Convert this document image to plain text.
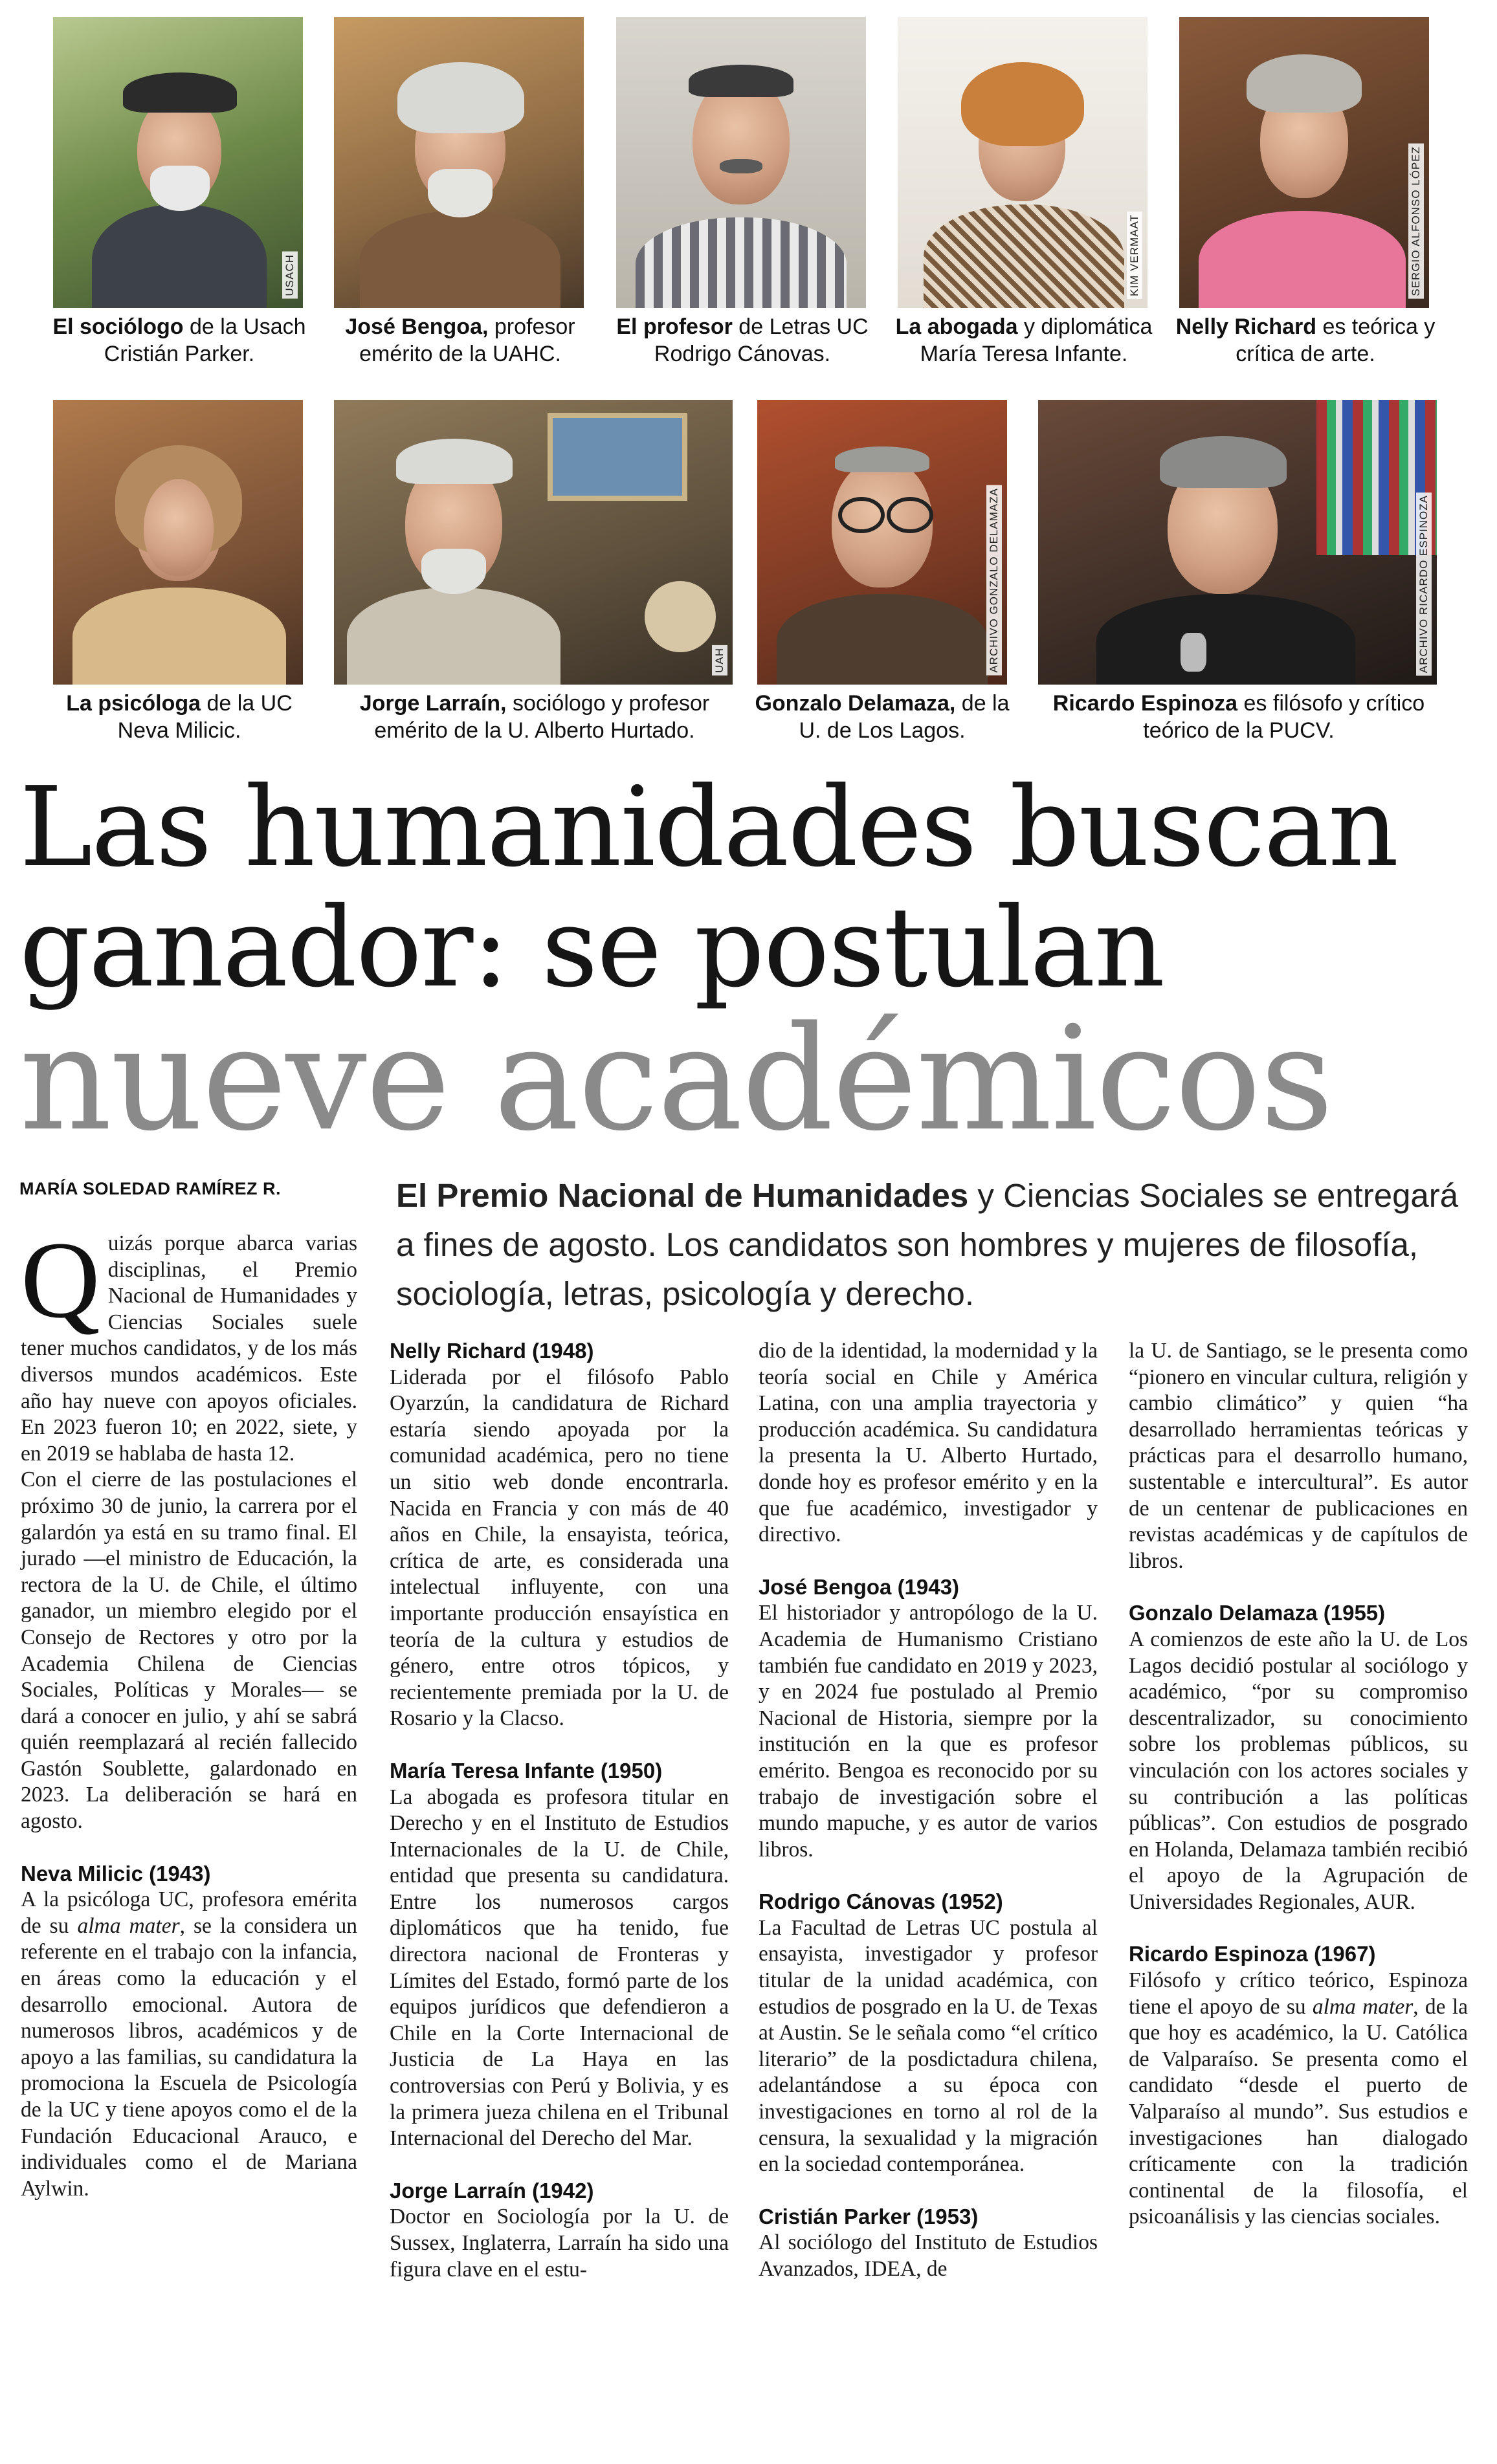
USACH	KIM VERMAAT	SERGIO ALFONSO LÓPEZ
El sociólogo de la Usach Cristián Parker.
José Bengoa, profesor emérito de la UAHC.
El profesor de Letras UC Rodrigo Cánovas.
La abogada y diplomática María Teresa Infante.
Nelly Richard es teórica y crítica de arte.
UAH	ARCHIVO GONZALO DELAMAZA	ARCHIVO RICARDO ESPINOZA
La psicóloga de la UC Neva Milicic.
Jorge Larraín, sociólogo y profesor emérito de la U. Alberto Hurtado.
Gonzalo Delamaza, de la U. de Los Lagos.
Ricardo Espinoza es filósofo y crítico teórico de la PUCV.
Las humanidades buscan
ganador: se postulan
nueve académicos
MARÍA SOLEDAD RAMÍREZ R.	El Premio Nacional de Humanidades y Ciencias Sociales se entregará a fines de agosto. Los candidatos son hombres y mujeres de filosofía, sociología, letras, psicología y derecho.

Quizás porque abarca varias disciplinas, el Premio Nacional de Humanidades y Ciencias Sociales suele tener muchos candidatos, y de los más diversos mundos académicos. Este año hay nueve con apoyos oficiales. En 2023 fueron 10; en 2022, siete, y en 2019 se hablaba de hasta 12.

Con el cierre de las postulaciones el próximo 30 de junio, la carrera por el galardón ya está en su tramo final. El jurado —el ministro de Educación, la rectora de la U. de Chile, el último ganador, un miembro elegido por el Consejo de Rectores y otro por la Academia Chilena de Ciencias Sociales, Políticas y Morales— se dará a conocer en julio, y ahí se sabrá quién reemplazará al recién fallecido Gastón Soublette, galardonado en 2023. La deliberación se hará en agosto.

Neva Milicic (1943)

A la psicóloga UC, profesora emérita de su alma mater, se la considera un referente en el trabajo con la infancia, en áreas como la educación y el desarrollo emocional. Autora de numerosos libros, académicos y de apoyo a las familias, su candidatura la promociona la Escuela de Psicología de la UC y tiene apoyos como el de la Fundación Educacional Arauco, e individuales como el de Mariana Aylwin.

Nelly Richard (1948)

Liderada por el filósofo Pablo Oyarzún, la candidatura de Richard estaría siendo apoyada por la comunidad académica, pero no tiene un sitio web donde encontrarla. Nacida en Francia y con más de 40 años en Chile, la ensayista, teórica, crítica de arte, es considerada una intelectual influyente, con una importante producción ensayística en teoría de la cultura y estudios de género, entre otros tópicos, y recientemente premiada por la U. de Rosario y la Clacso.

María Teresa Infante (1950)

La abogada es profesora titular en Derecho y en el Instituto de Estudios Internacionales de la U. de Chile, entidad que presenta su candidatura. Entre los numerosos cargos diplomáticos que ha tenido, fue directora nacional de Fronteras y Límites del Estado, formó parte de los equipos jurídicos que defendieron a Chile en la Corte Internacional de Justicia de La Haya en las controversias con Perú y Bolivia, y es la primera jueza chilena en el Tribunal Internacional del Derecho del Mar.

Jorge Larraín (1942)

Doctor en Sociología por la U. de Sussex, Inglaterra, Larraín ha sido una figura clave en el estu-

dio de la identidad, la modernidad y la teoría social en Chile y América Latina, con una amplia trayectoria y producción académica. Su candidatura la presenta la U. Alberto Hurtado, donde hoy es profesor emérito y en la que fue académico, investigador y directivo.

José Bengoa (1943)

El historiador y antropólogo de la U. Academia de Humanismo Cristiano también fue candidato en 2019 y 2023, y en 2024 fue postulado al Premio Nacional de Historia, siempre por la institución en la que es profesor emérito. Bengoa es reconocido por su trabajo de investigación sobre el mundo mapuche, y es autor de varios libros.

Rodrigo Cánovas (1952)

La Facultad de Letras UC postula al ensayista, investigador y profesor titular de la unidad académica, con estudios de posgrado en la U. de Texas at Austin. Se le señala como “el crítico literario” de la posdictadura chilena, adelantándose a su época con investigaciones en torno al rol de la censura, la sexualidad y la migración en la sociedad contemporánea.

Cristián Parker (1953)

Al sociólogo del Instituto de Estudios Avanzados, IDEA, de

la U. de Santiago, se le presenta como “pionero en vincular cultura, religión y cambio climático” y quien “ha desarrollado herramientas teóricas y prácticas para el desarrollo humano, sustentable e intercultural”. Es autor de un centenar de publicaciones en revistas académicas y de capítulos de libros.

Gonzalo Delamaza (1955)

A comienzos de este año la U. de Los Lagos decidió postular al sociólogo y académico, “por su compromiso descentralizador, su conocimiento sobre los problemas públicos, su vinculación con los actores sociales y su contribución a las políticas públicas”. Con estudios de posgrado en Holanda, Delamaza también recibió el apoyo de la Agrupación de Universidades Regionales, AUR.

Ricardo Espinoza (1967)

Filósofo y crítico teórico, Espinoza tiene el apoyo de su alma mater, de la que hoy es académico, la U. Católica de Valparaíso. Se presenta como el candidato “desde el puerto de Valparaíso al mundo”. Sus estudios e investigaciones han dialogado críticamente con la tradición continental de la filosofía, el psicoanálisis y las ciencias sociales.
